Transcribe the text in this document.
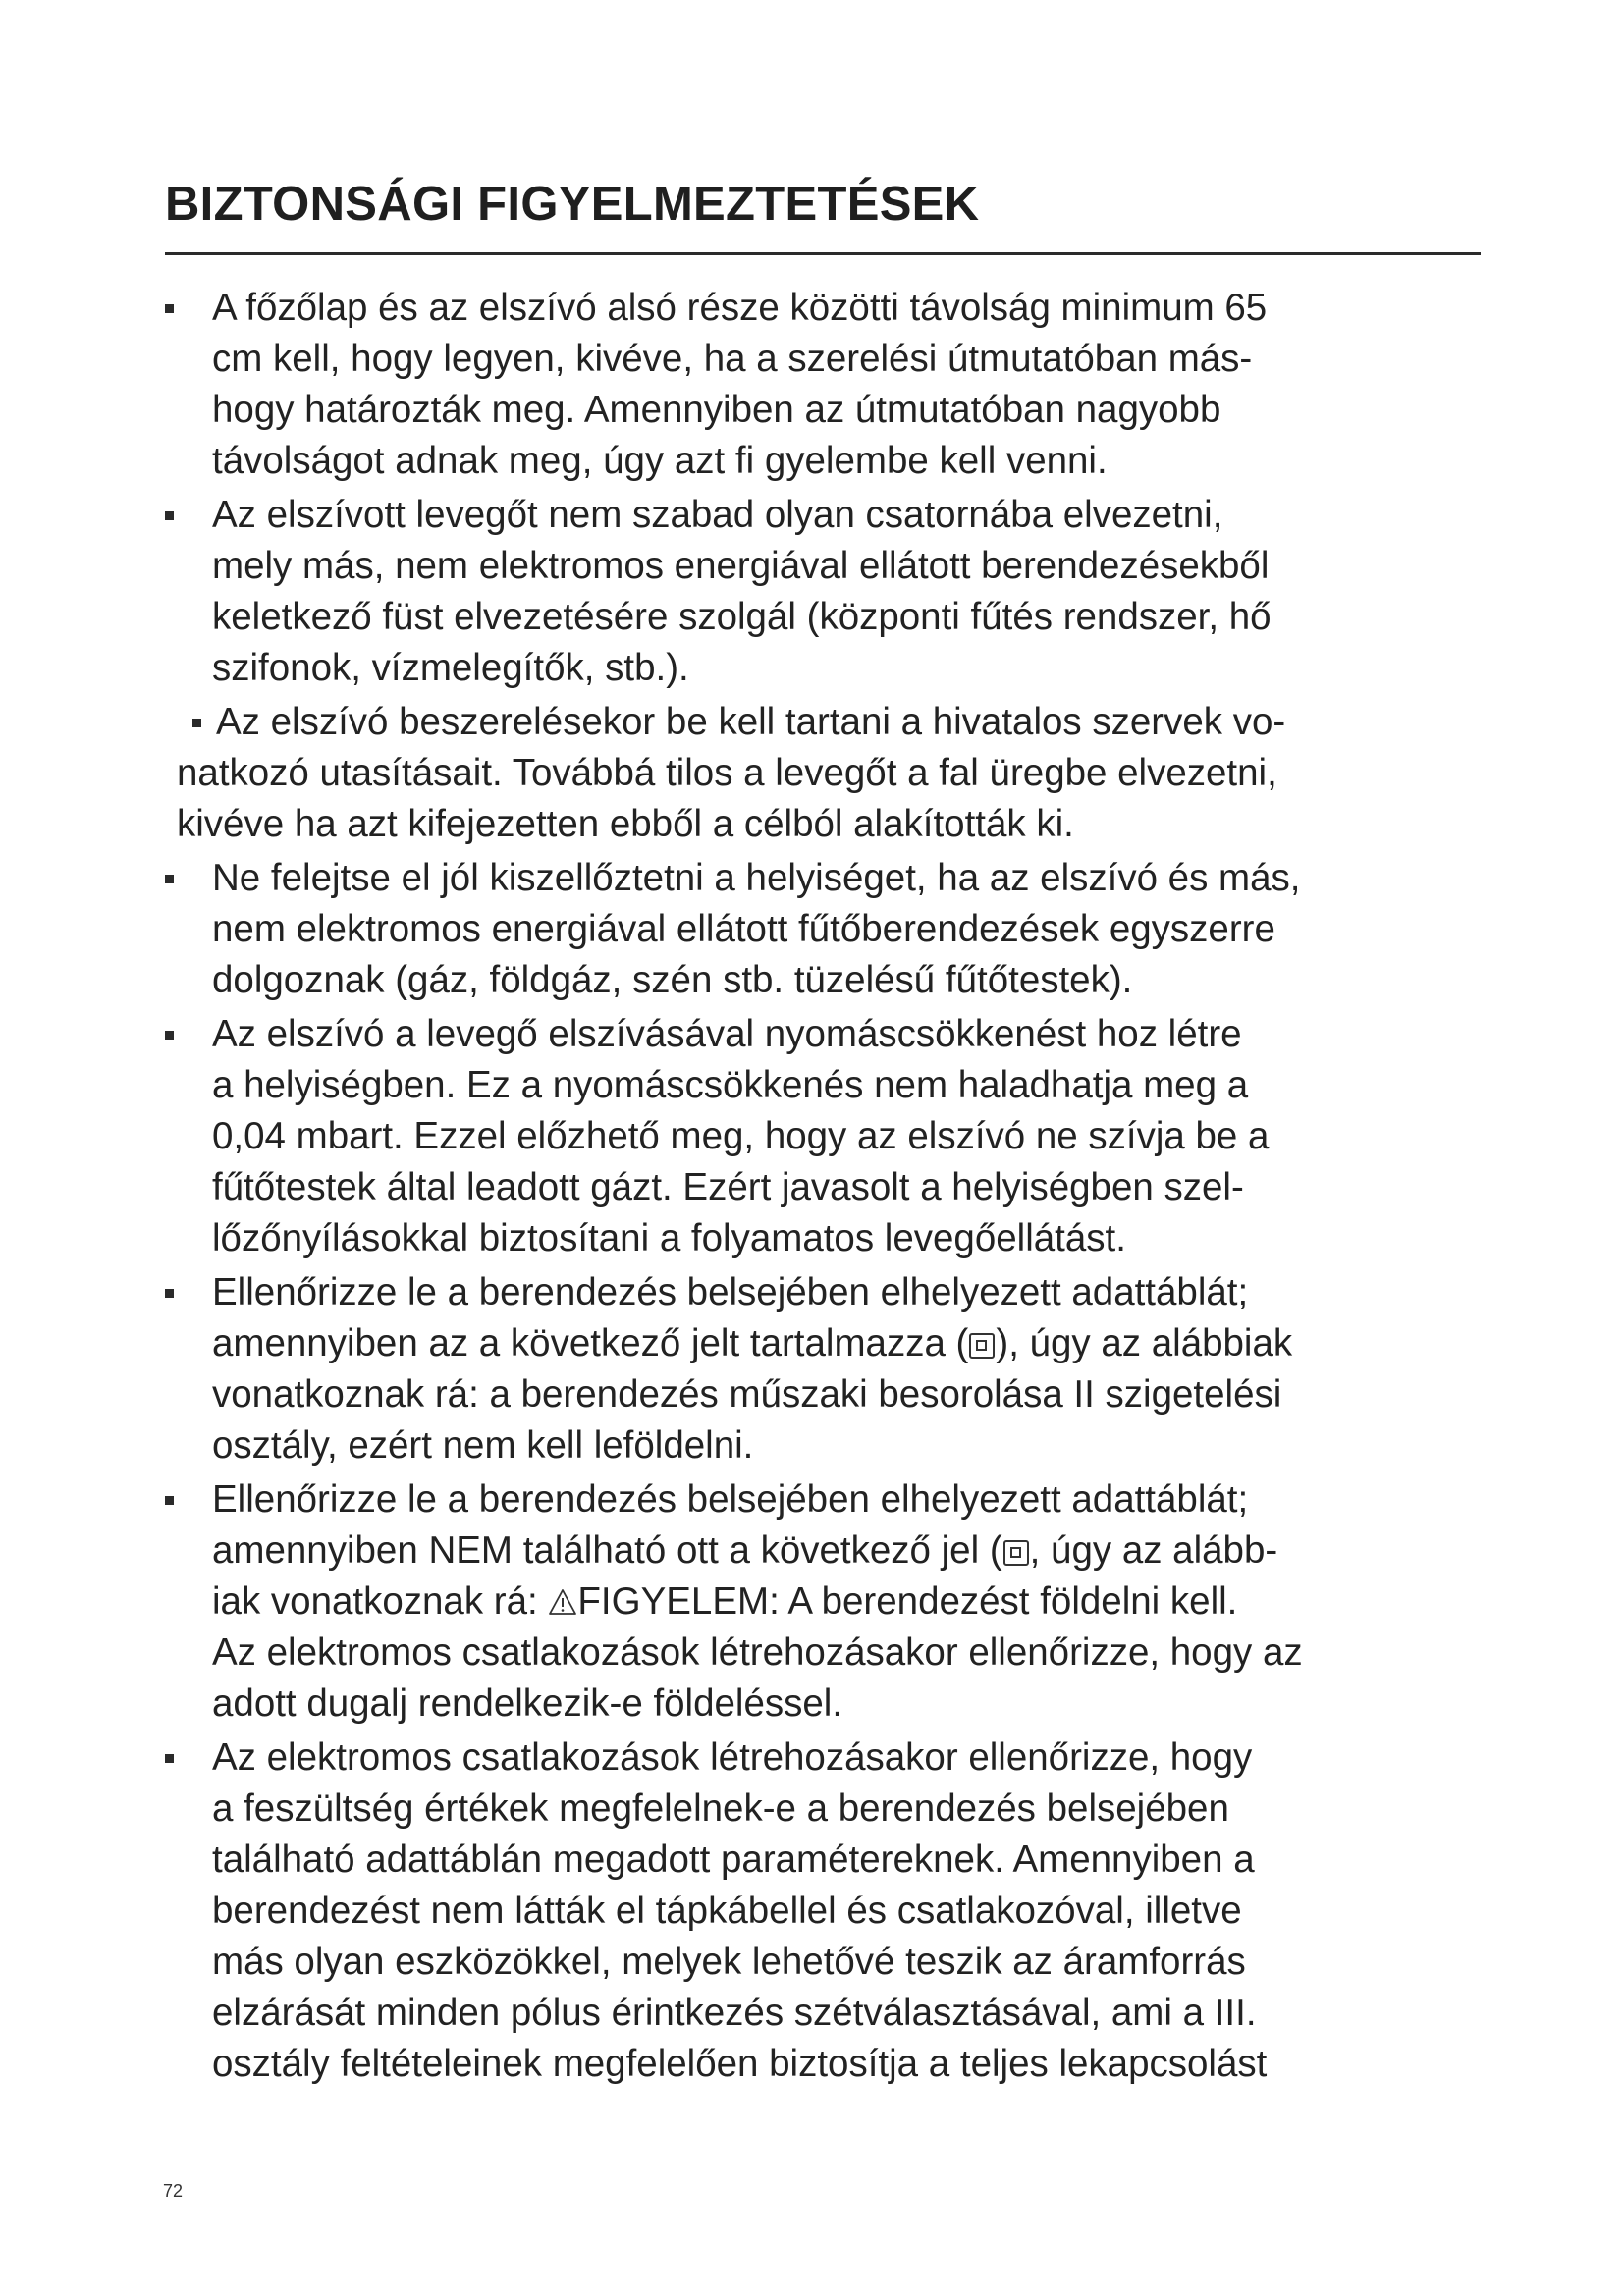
BIZTONSÁGI FIGYELMEZTETÉSEK
A főzőlap és az elszívó alsó része közötti távolság minimum 65
cm kell, hogy legyen, kivéve, ha a szerelési útmutatóban más-
hogy határozták meg. Amennyiben az útmutatóban nagyobb
távolságot adnak meg, úgy azt fi gyelembe kell venni.
Az elszívott levegőt nem szabad olyan csatornába elvezetni,
mely más, nem elektromos energiával ellátott berendezésekből
keletkező füst elvezetésére szolgál (központi fűtés rendszer, hő
szifonok, vízmelegítők, stb.).
Az elszívó beszerelésekor be kell tartani a hivatalos szervek vo-
natkozó utasításait. Továbbá tilos a levegőt a fal üregbe elvezetni,
kivéve ha azt kifejezetten ebből a célból alakították ki.
Ne felejtse el jól kiszellőztetni a helyiséget, ha az elszívó és más,
nem elektromos energiával ellátott fűtőberendezések egyszerre
dolgoznak (gáz, földgáz, szén stb. tüzelésű fűtőtestek).
Az elszívó a levegő elszívásával nyomáscsökkenést hoz létre
a helyiségben. Ez a nyomáscsökkenés nem haladhatja meg a
0,04 mbart. Ezzel előzhető meg, hogy az elszívó ne szívja be a
fűtőtestek által leadott gázt. Ezért javasolt a helyiségben szel-
lőzőnyílásokkal biztosítani a folyamatos levegőellátást.
Ellenőrizze le a berendezés belsejében elhelyezett adattáblát;
amennyiben az a következő jelt tartalmazza ( ), úgy az alábbiak
vonatkoznak rá: a berendezés műszaki besorolása II szigetelési
osztály, ezért nem kell leföldelni.
Ellenőrizze le a berendezés belsejében elhelyezett adattáblát;
amennyiben NEM található ott a következő jel ( , úgy az alább-
iak vonatkoznak rá: FIGYELEM: A berendezést földelni kell.
Az elektromos csatlakozások létrehozásakor ellenőrizze, hogy az
adott dugalj rendelkezik-e földeléssel.
Az elektromos csatlakozások létrehozásakor ellenőrizze, hogy
a feszültség értékek megfelelnek-e a berendezés belsejében
található adattáblán megadott paramétereknek. Amennyiben a
berendezést nem látták el tápkábellel és csatlakozóval, illetve
más olyan eszközökkel, melyek lehetővé teszik az áramforrás
elzárását minden pólus érintkezés szétválasztásával, ami a III.
osztály feltételeinek megfelelően biztosítja a teljes lekapcsolást
72
